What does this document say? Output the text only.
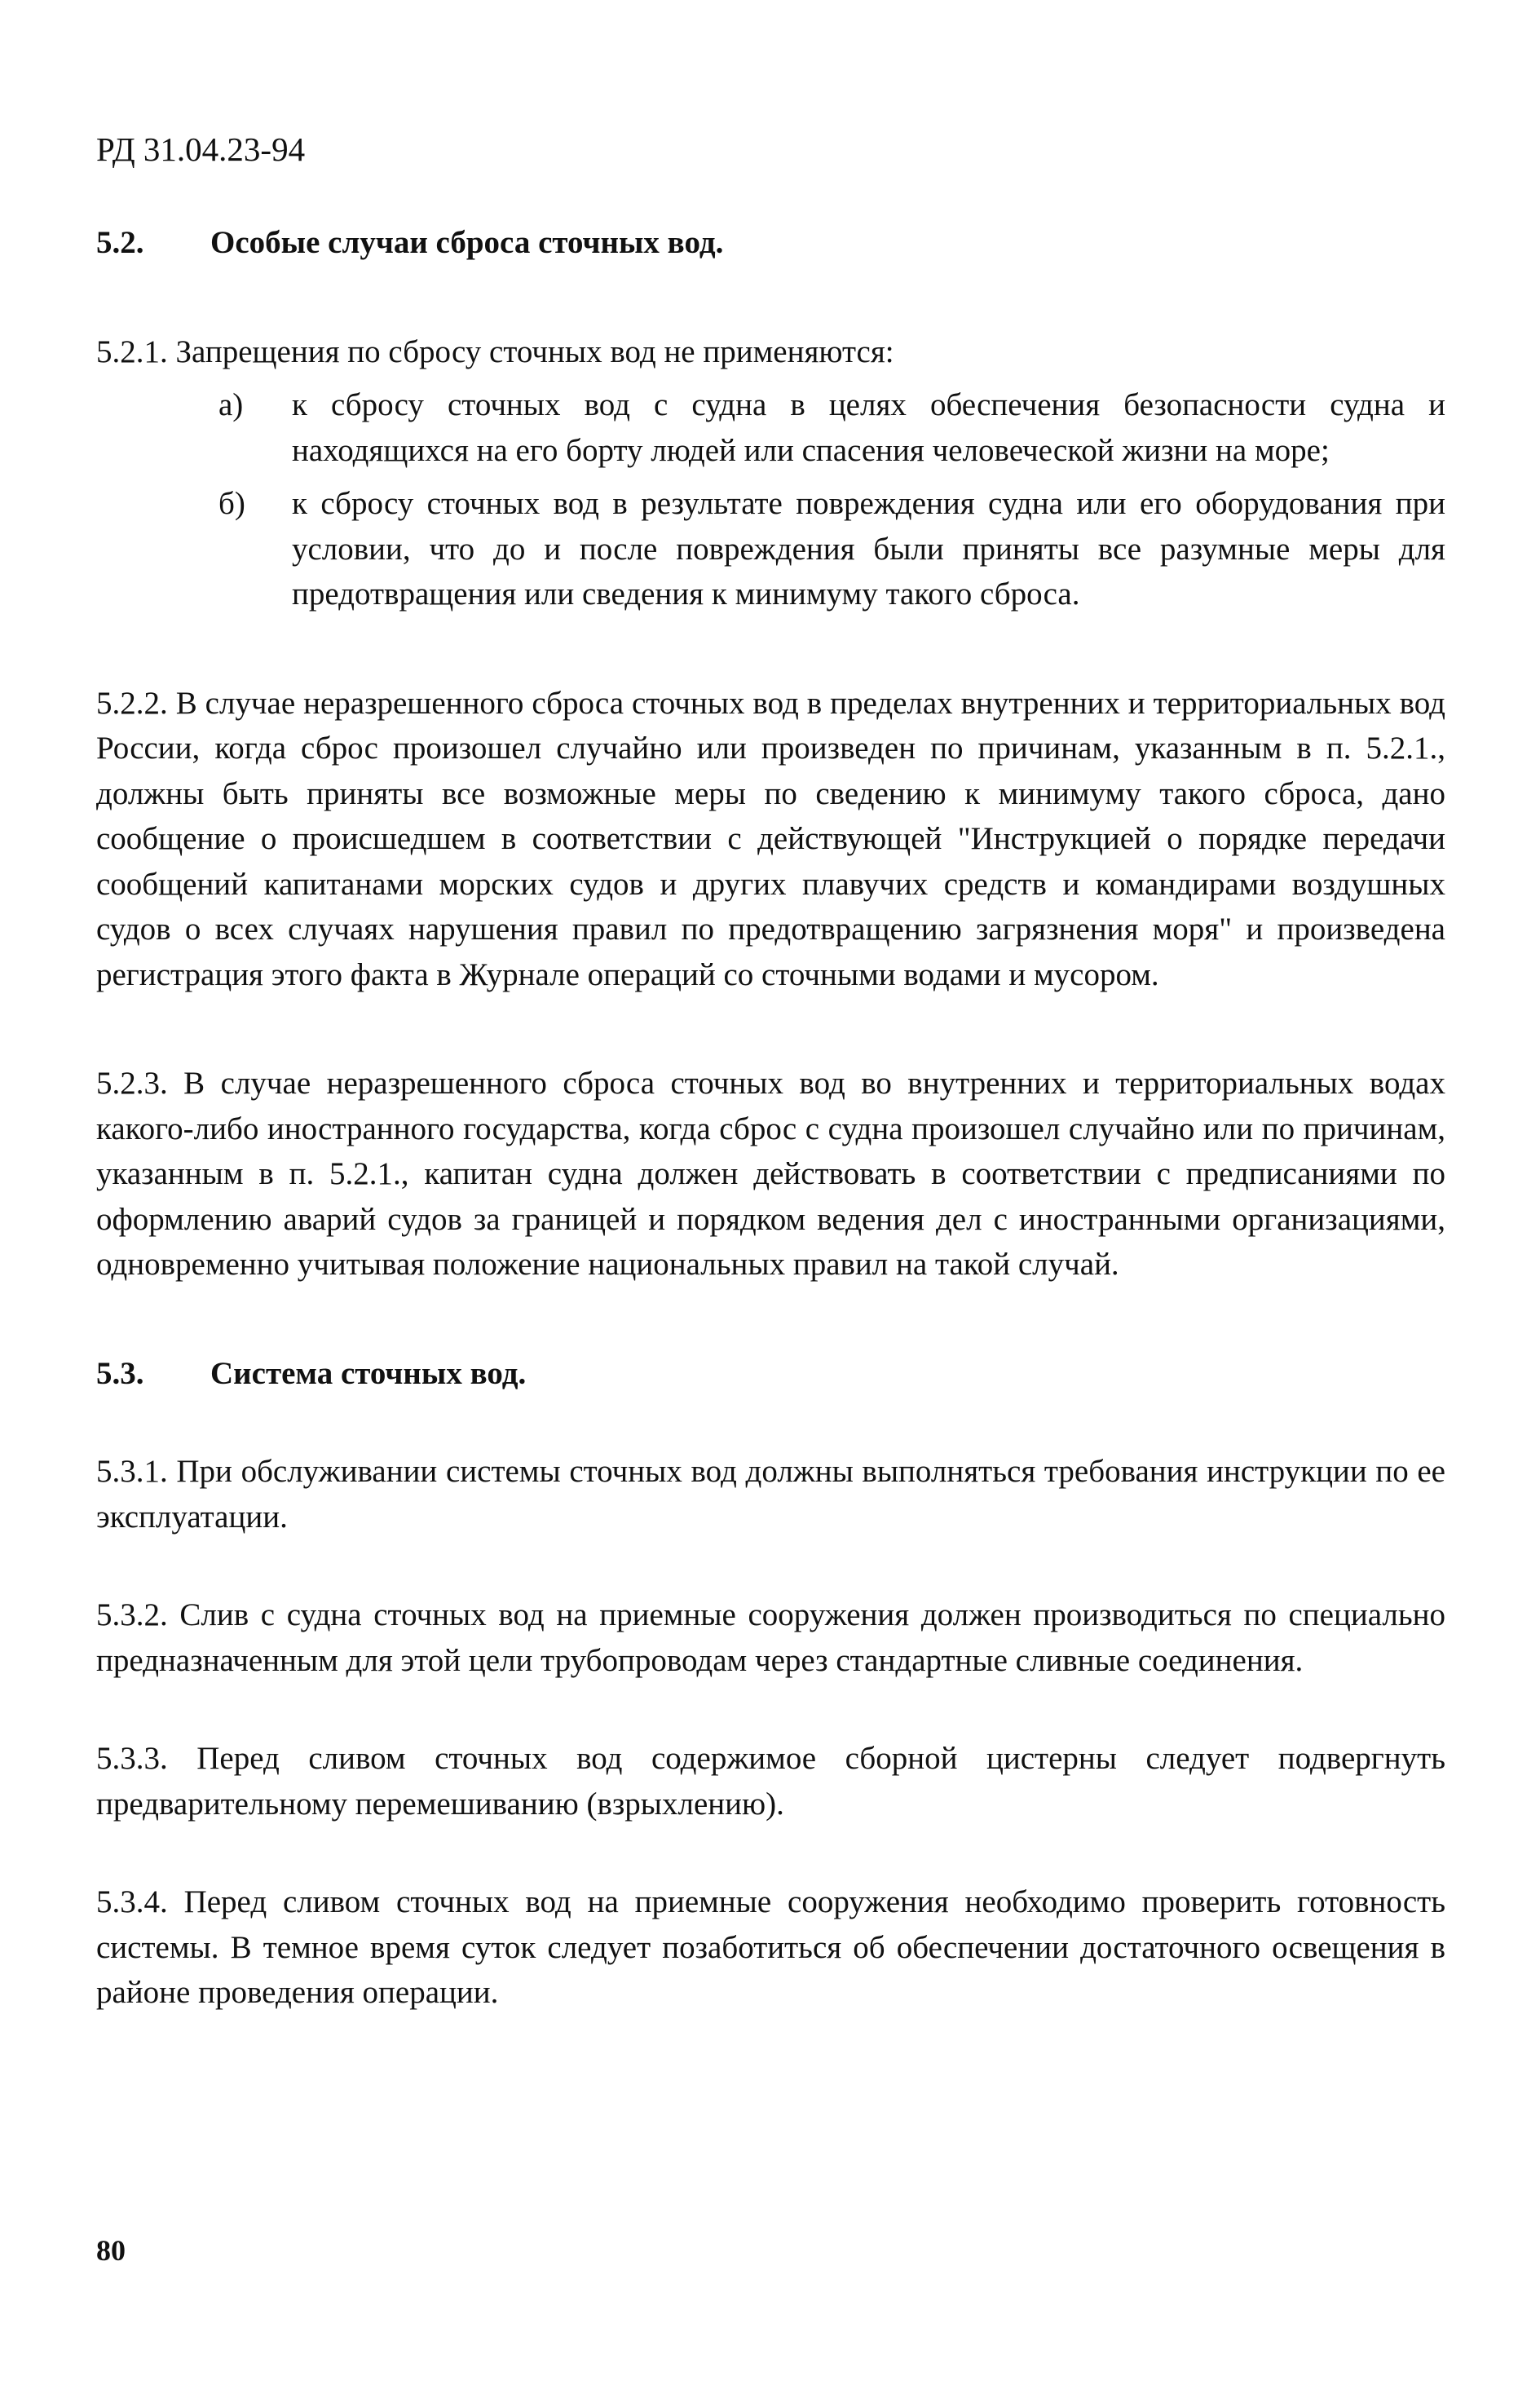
РД 31.04.23-94
5.2.	Особые случаи сброса сточных вод.

5.2.1. Запрещения по сбросу сточных вод не применяются:

а)	к сбросу сточных вод с судна в целях обеспечения безопасности судна и находящихся на его борту людей или спасения человеческой жизни на море;
б)	к сбросу сточных вод в результате повреждения судна или его оборудования при условии, что до и после повреждения были приняты все разумные меры для предотвращения или сведения к минимуму такого сброса.

5.2.2. В случае неразрешенного сброса сточных вод в пределах внутренних и территориальных вод России, когда сброс произошел случайно или произведен по причинам, указанным в п. 5.2.1., должны быть приняты все возможные меры по сведению к минимуму такого сброса, дано сообщение о происшедшем в соответствии с действующей "Инструкцией о порядке передачи сообщений капитанами морских судов и других плавучих средств и командирами воздушных судов о всех случаях нарушения правил по предотвращению загрязнения моря" и произведена регистрация этого факта в Журнале операций со сточными водами и мусором.

5.2.3. В случае неразрешенного сброса сточных вод во внутренних и территориальных водах какого-либо иностранного государства, когда сброс с судна произошел случайно или по причинам, указанным в п. 5.2.1., капитан судна должен действовать в соответствии с предписаниями по оформлению аварий судов за границей и порядком ведения дел с иностранными организациями, одновременно учитывая положение национальных правил на такой случай.

5.3.	Система сточных вод.

5.3.1. При обслуживании системы сточных вод должны выполняться требования инструкции по ее эксплуатации.

5.3.2. Слив с судна сточных вод на приемные сооружения должен производиться по специально предназначенным для этой цели трубопроводам через стандартные сливные соединения.

5.3.3. Перед сливом сточных вод содержимое сборной цистерны следует подвергнуть предварительному перемешиванию (взрыхлению).

5.3.4. Перед сливом сточных вод на приемные сооружения необходимо проверить готовность системы. В темное время суток следует позаботиться об обеспечении достаточного освещения в районе проведения операции.

80
